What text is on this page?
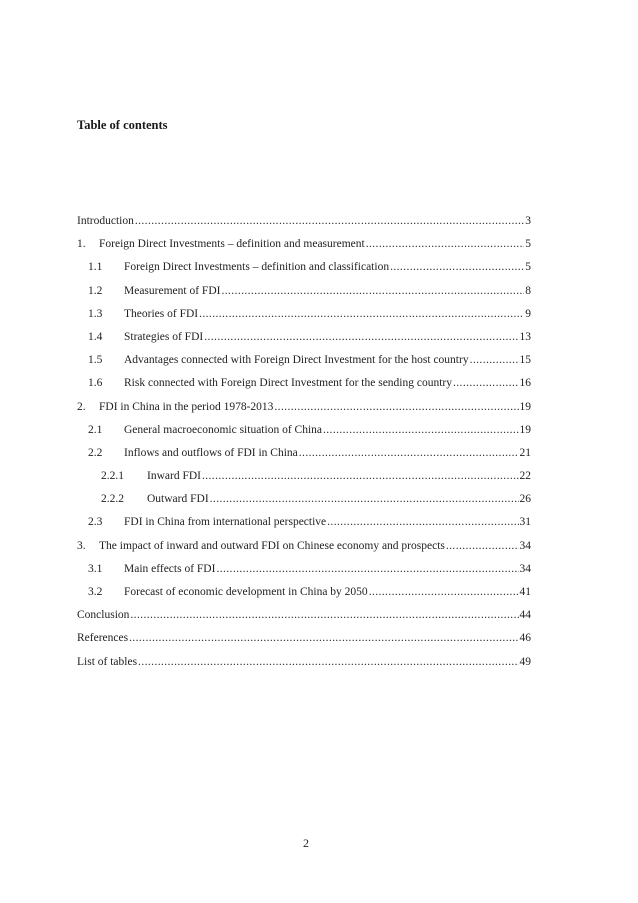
Table of contents
Introduction .....	3
1.	Foreign Direct Investments – definition and measurement .....	5
1.1	Foreign Direct Investments – definition and classification .....	5
1.2	Measurement of FDI .....	8
1.3	Theories of FDI .....	9
1.4	Strategies of FDI .....	13
1.5	Advantages connected with Foreign Direct Investment for the host country .....	15
1.6	Risk connected with Foreign Direct Investment for the sending country .....	16
2.	FDI in China in the period 1978-2013 .....	19
2.1	General macroeconomic situation of China .....	19
2.2	Inflows and outflows of FDI in China .....	21
2.2.1	Inward FDI .....	22
2.2.2	Outward FDI .....	26
2.3	FDI in China from international perspective .....	31
3.	The impact of inward and outward FDI on Chinese economy and prospects .....	34
3.1	Main effects of FDI .....	34
3.2	Forecast of economic development in China by 2050 .....	41
Conclusion .....	44
References .....	46
List of tables .....	49
2
